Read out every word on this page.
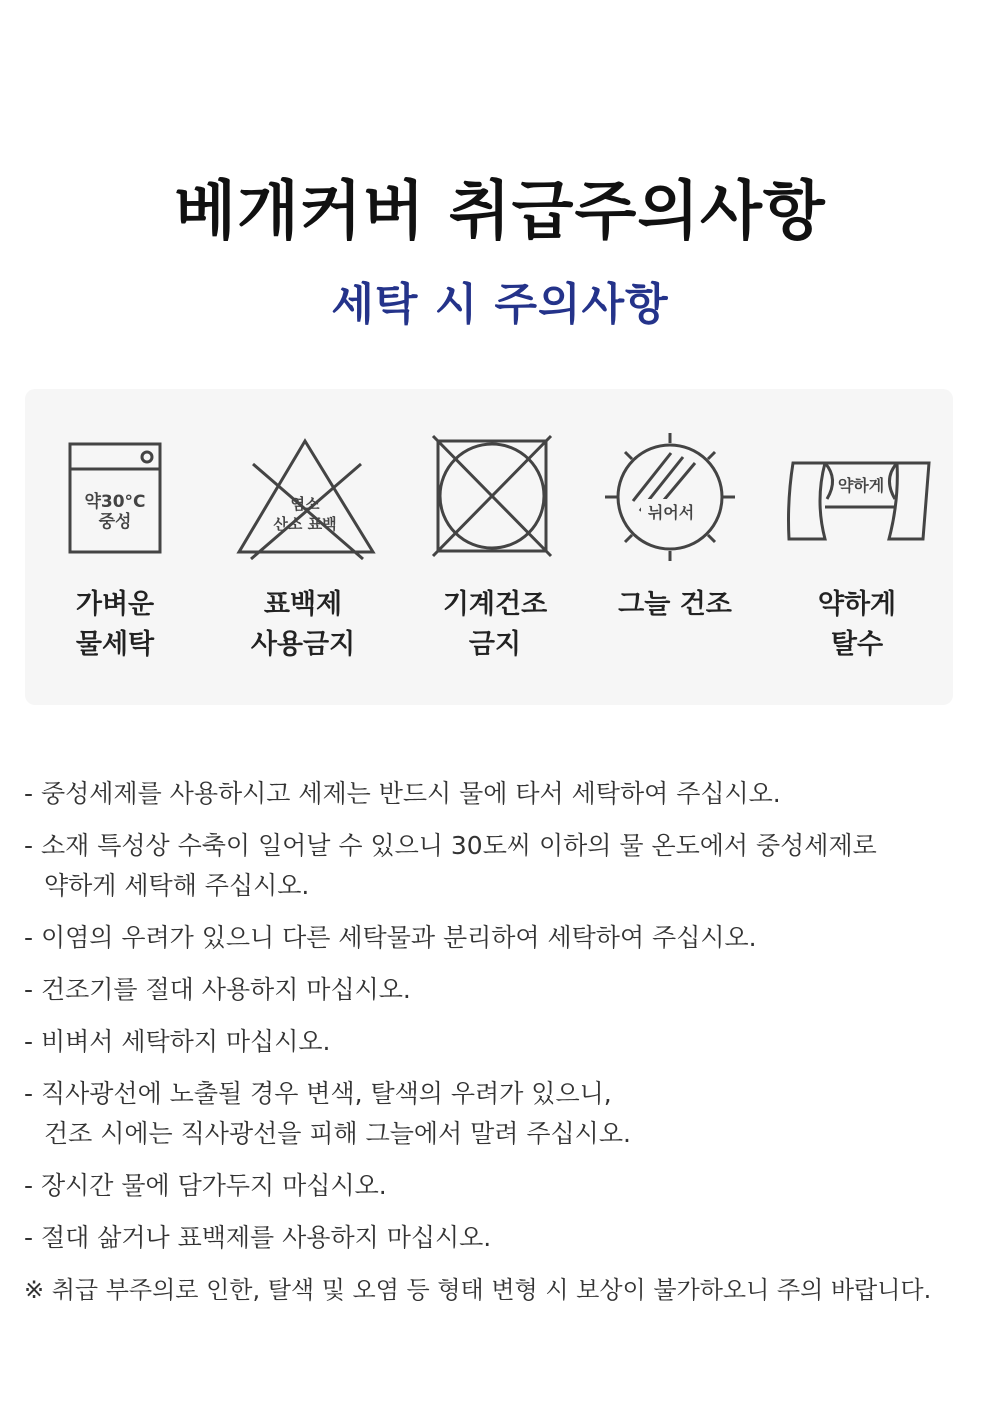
베개커버 취급주의사항
세탁 시 주의사항
약30°C
중성
가벼운
물세탁
염소
산소 표백
표백제
사용금지
기계건조
금지
뉘어서
그늘 건조
약하게
약하게
탈수
- 중성세제를 사용하시고 세제는 반드시 물에 타서 세탁하여 주십시오.
- 소재 특성상 수축이 일어날 수 있으니 30도씨 이하의 물 온도에서 중성세제로
약하게 세탁해 주십시오.
- 이염의 우려가 있으니 다른 세탁물과 분리하여 세탁하여 주십시오.
- 건조기를 절대 사용하지 마십시오.
- 비벼서 세탁하지 마십시오.
- 직사광선에 노출될 경우 변색, 탈색의 우려가 있으니,
건조 시에는 직사광선을 피해 그늘에서 말려 주십시오.
- 장시간 물에 담가두지 마십시오.
- 절대 삶거나 표백제를 사용하지 마십시오.
※ 취급 부주의로 인한, 탈색 및 오염 등 형태 변형 시 보상이 불가하오니 주의 바랍니다.
